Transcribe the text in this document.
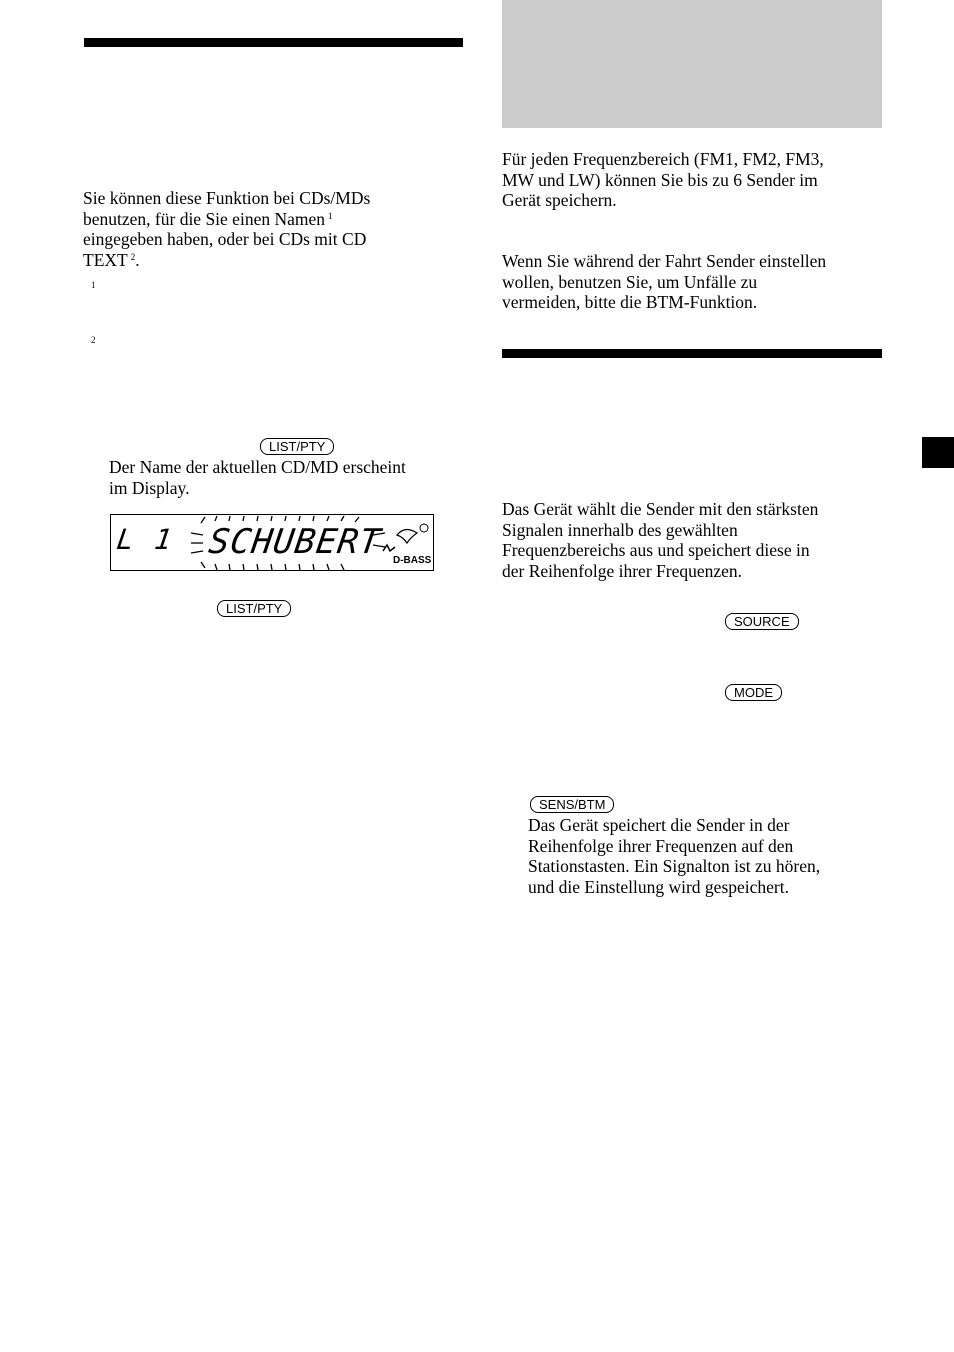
Sie können diese Funktion bei CDs/MDs
benutzen, für die Sie einen Namen $^1$
eingegeben haben, oder bei CDs mit CD
TEXT $^2$.
1
2
LIST/PTY
Der Name der aktuellen CD/MD erscheint
im Display.
L 1 SCHUBERT D-BASS
LIST/PTY
Für jeden Frequenzbereich (FM1, FM2, FM3,
MW und LW) können Sie bis zu 6 Sender im
Gerät speichern.
Wenn Sie während der Fahrt Sender einstellen
wollen, benutzen Sie, um Unfälle zu
vermeiden, bitte die BTM-Funktion.
Das Gerät wählt die Sender mit den stärksten
Signalen innerhalb des gewählten
Frequenzbereichs aus und speichert diese in
der Reihenfolge ihrer Frequenzen.
SOURCE
MODE
SENS/BTM
Das Gerät speichert die Sender in der
Reihenfolge ihrer Frequenzen auf den
Stationstasten. Ein Signalton ist zu hören,
und die Einstellung wird gespeichert.
